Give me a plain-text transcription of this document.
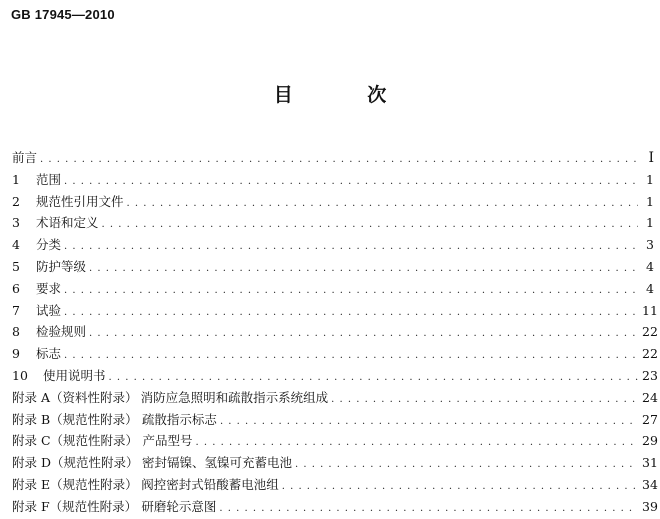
GB 17945—2010
目 次
前言 . . .	Ⅰ
1	范围 . . .	1
2	规范性引用文件 . . .	1
3	术语和定义 . . .	1
4	分类 . . .	3
5	防护等级 . . .	4
6	要求 . . .	4
7	试验 . . .	11
8	检验规则 . . .	22
9	标志 . . .	22
10	使用说明书 . . .	23
附录 A（资料性附录） 消防应急照明和疏散指示系统组成 . . .	24
附录 B（规范性附录） 疏散指示标志 . . .	27
附录 C（规范性附录） 产品型号 . . .	29
附录 D（规范性附录） 密封镉镍、氢镍可充蓄电池 . . .	31
附录 E（规范性附录） 阀控密封式铅酸蓄电池组 . . .	34
附录 F（规范性附录） 研磨轮示意图 . . .	39
